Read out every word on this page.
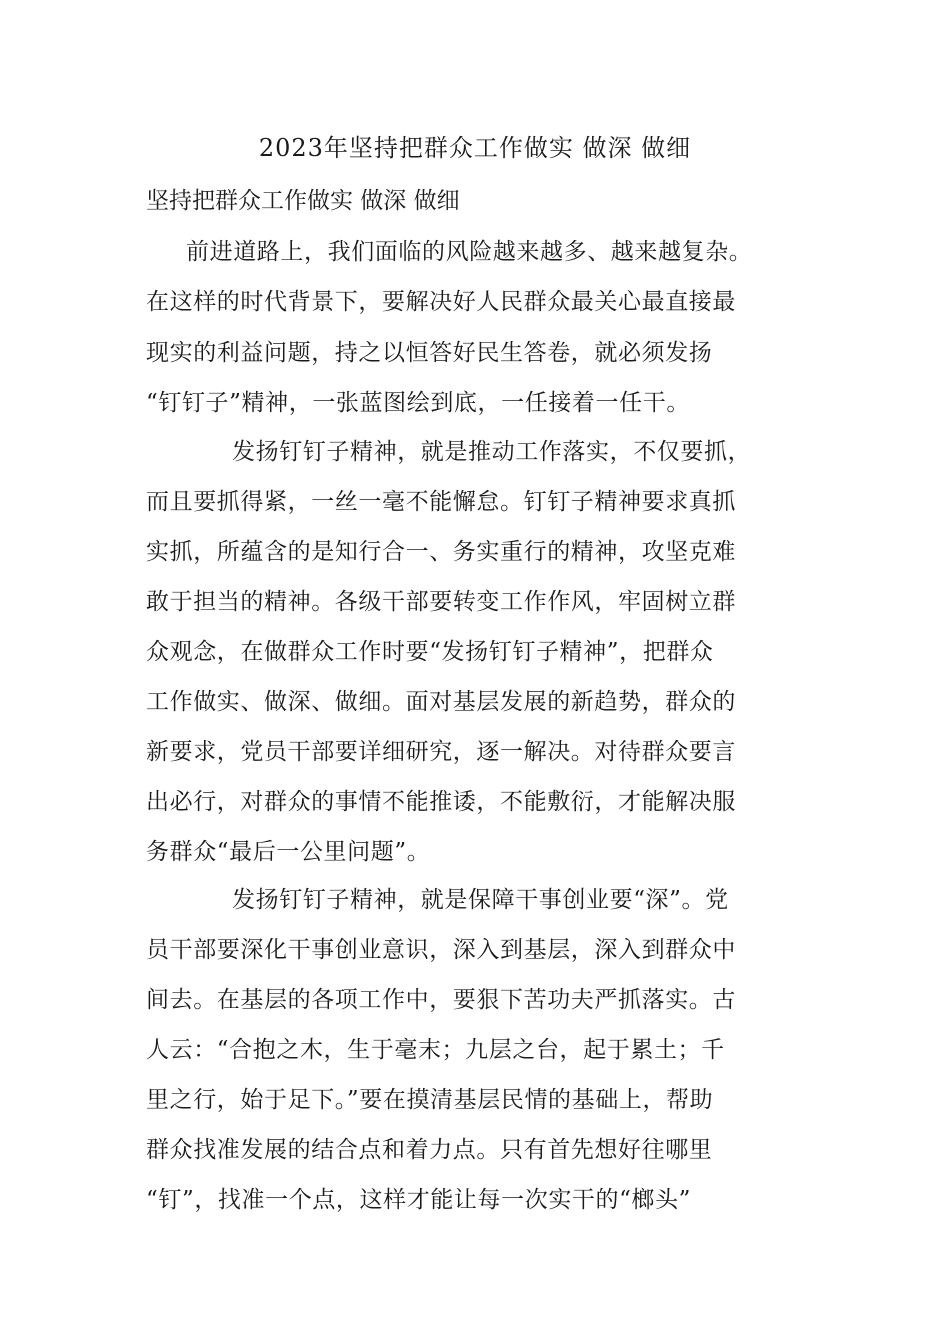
2023年坚持把群众工作做实 做深 做细
坚持把群众工作做实 做深 做细
前进道路上，我们面临的风险越来越多、越来越复杂。
在这样的时代背景下，要解决好人民群众最关心最直接最
现实的利益问题，持之以恒答好民生答卷，就必须发扬
“钉钉子”精神，一张蓝图绘到底，一任接着一任干。
发扬钉钉子精神，就是推动工作落实，不仅要抓，
而且要抓得紧，一丝一毫不能懈怠。钉钉子精神要求真抓
实抓，所蕴含的是知行合一、务实重行的精神，攻坚克难
敢于担当的精神。各级干部要转变工作作风，牢固树立群
众观念，在做群众工作时要“发扬钉钉子精神”，把群众
工作做实、做深、做细。面对基层发展的新趋势，群众的
新要求，党员干部要详细研究，逐一解决。对待群众要言
出必行，对群众的事情不能推诿，不能敷衍，才能解决服
务群众“最后一公里问题”。
发扬钉钉子精神，就是保障干事创业要“深”。党
员干部要深化干事创业意识，深入到基层，深入到群众中
间去。在基层的各项工作中，要狠下苦功夫严抓落实。古
人云：“合抱之木，生于毫末；九层之台，起于累土；千
里之行，始于足下。”要在摸清基层民情的基础上，帮助
群众找准发展的结合点和着力点。只有首先想好往哪里
“钉”，找准一个点，这样才能让每一次实干的“榔头”
